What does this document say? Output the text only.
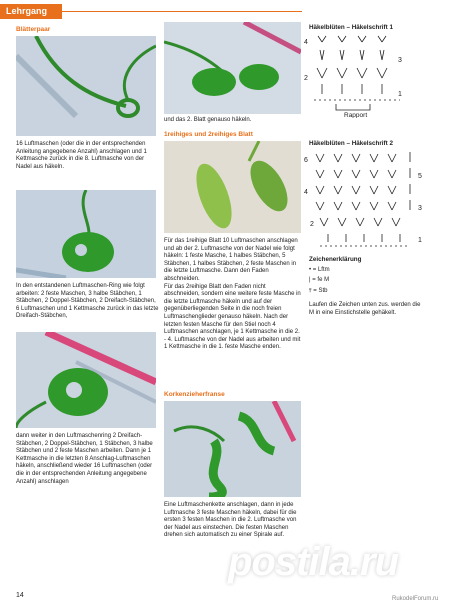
Lehrgang
Blätterpaar
16 Luftmaschen (oder die in der entsprechenden Anleitung angegebene Anzahl) anschlagen und 1 Kettmasche zurück in die 8. Luftmasche von der Nadel aus häkeln.
In den entstandenen Luftmaschen-Ring wie folgt arbeiten: 2 feste Maschen, 3 halbe Stäbchen, 1 Stäbchen, 2 Doppel-Stäbchen, 2 Dreifach-Stäbchen, 6 Luftmaschen und 1 Kettmasche zurück in das letzte Dreifach-Stäbchen,
dann weiter in den Luftmaschenring 2 Dreifach-Stäbchen, 2 Doppel-Stäbchen, 1 Stäbchen, 3 halbe Stäbchen und 2 feste Maschen arbeiten. Dann je 1 Kettmasche in die letzten 8 Anschlag-Luftmaschen häkeln, anschließend wieder 16 Luftmaschen (oder die in der entsprechenden Anleitung angegebene Anzahl) anschlagen
und das 2. Blatt genauso häkeln.
1reihiges und 2reihiges Blatt
Für das 1reihige Blatt 10 Luftmaschen anschlagen und ab der 2. Luftmasche von der Nadel wie folgt häkeln: 1 feste Masche, 1 halbes Stäbchen, 5 Stäbchen, 1 halbes Stäbchen, 2 feste Maschen in die letzte Luftmasche. Dann den Faden abschneiden.
Für das 2reihige Blatt den Faden nicht abschneiden, sondern eine weitere feste Masche in die letzte Luftmasche häkeln und auf der gegenüberliegenden Seite in die noch freien Luftmaschenglieder genauso häkeln. Nach der letzten festen Masche für den Stiel noch 4 Luftmaschen anschlagen, je 1 Kettmasche in die 2. - 4. Luftmasche von der Nadel aus arbeiten und mit 1 Kettmasche in die 1. feste Masche enden.
Korkenzieherfranse
Eine Luftmaschenkette anschlagen, dann in jede Luftmasche 3 feste Maschen häkeln, dabei für die ersten 3 festen Maschen in die 2. Luftmasche von der Nadel aus einstechen. Die festen Maschen drehen sich automatisch zu einer Spirale auf.
Häkelblüten – Häkelschrift 1
4
3
2
1
Rapport
Häkelblüten – Häkelschrift 2
6
5
4
3
2
1
Zeichenerklärung
• = Lftm
| = fe M
⫯ = Stb
Laufen die Zeichen unten zus. werden die M in eine Einstichstelle gehäkelt.
14
postila.ru
RukodelForum.ru
